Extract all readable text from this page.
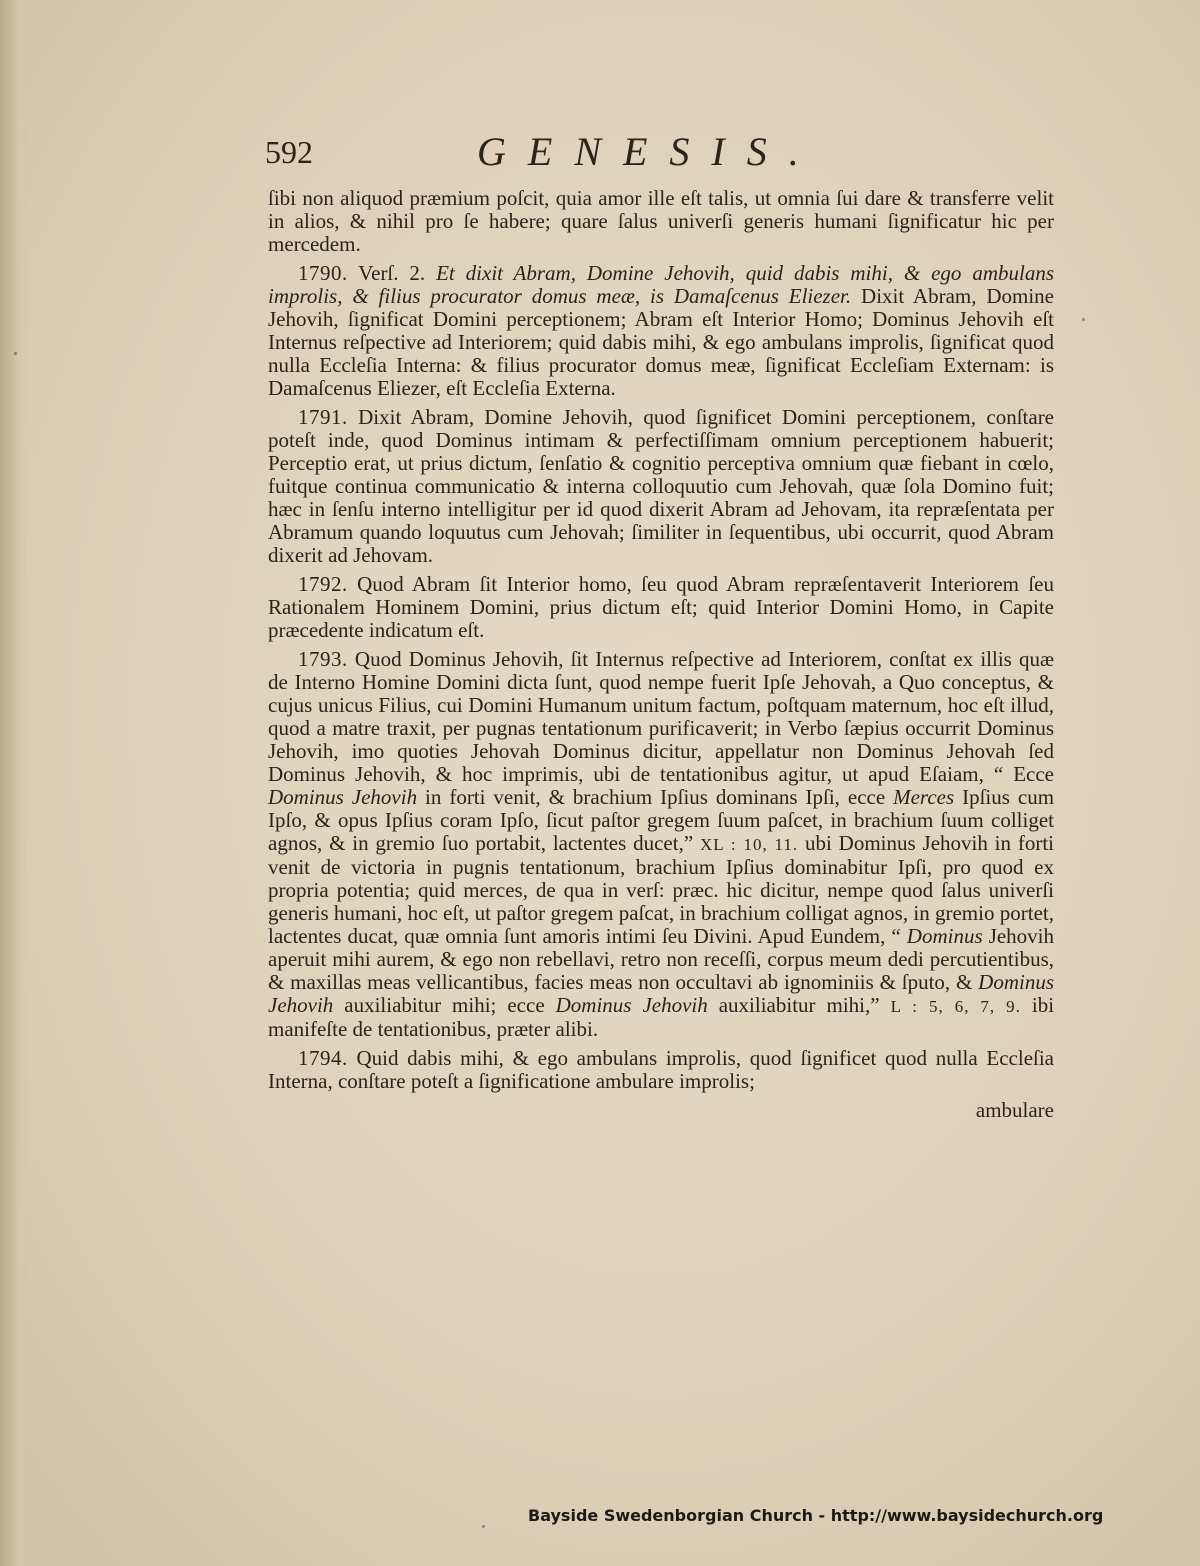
592	GENESIS.

ſibi non aliquod præmium poſcit, quia amor ille eſt talis, ut omnia ſui dare & transferre velit in alios, & nihil pro ſe habere; quare ſalus univerſi generis humani ſignificatur hic per mercedem.

1790. Verſ. 2. Et dixit Abram, Domine Jehovih, quid dabis mihi, & ego ambulans improlis, & filius procurator domus meæ, is Damaſcenus Eliezer. Dixit Abram, Domine Jehovih, ſignificat Domini perceptionem; Abram eſt Interior Homo; Dominus Jehovih eſt Internus reſpective ad Interiorem; quid dabis mihi, & ego ambulans improlis, ſignificat quod nulla Eccleſia Interna: & filius procurator domus meæ, ſignificat Eccleſiam Externam: is Damaſcenus Eliezer, eſt Eccleſia Externa.

1791. Dixit Abram, Domine Jehovih, quod ſignificet Domini perceptionem, conſtare poteſt inde, quod Dominus intimam & perfectiſſimam omnium perceptionem habuerit; Perceptio erat, ut prius dictum, ſenſatio & cognitio perceptiva omnium quæ fiebant in cœlo, fuitque continua communicatio & interna colloquutio cum Jehovah, quæ ſola Domino fuit; hæc in ſenſu interno intelligitur per id quod dixerit Abram ad Jehovam, ita repræſentata per Abramum quando loquutus cum Jehovah; ſimiliter in ſequentibus, ubi occurrit, quod Abram dixerit ad Jehovam.

1792. Quod Abram ſit Interior homo, ſeu quod Abram repræſentaverit Interiorem ſeu Rationalem Hominem Domini, prius dictum eſt; quid Interior Domini Homo, in Capite præcedente indicatum eſt.

1793. Quod Dominus Jehovih, ſit Internus reſpective ad Interiorem, conſtat ex illis quæ de Interno Homine Domini dicta ſunt, quod nempe fuerit Ipſe Jehovah, a Quo conceptus, & cujus unicus Filius, cui Domini Humanum unitum factum, poſtquam maternum, hoc eſt illud, quod a matre traxit, per pugnas tentationum purificaverit; in Verbo ſæpius occurrit Dominus Jehovih, imo quoties Jehovah Dominus dicitur, appellatur non Dominus Jehovah ſed Dominus Jehovih, & hoc imprimis, ubi de tentationibus agitur, ut apud Eſaiam, “ Ecce Dominus Jehovih in forti venit, & brachium Ipſius dominans Ipſi, ecce Merces Ipſius cum Ipſo, & opus Ipſius coram Ipſo, ſicut paſtor gregem ſuum paſcet, in brachium ſuum colliget agnos, & in gremio ſuo portabit, lactentes ducet,” XL : 10, 11. ubi Dominus Jehovih in forti venit de victoria in pugnis tentationum, brachium Ipſius dominabitur Ipſi, pro quod ex propria potentia; quid merces, de qua in verſ: præc. hic dicitur, nempe quod ſalus univerſi generis humani, hoc eſt, ut paſtor gregem paſcat, in brachium colligat agnos, in gremio portet, lactentes ducat, quæ omnia ſunt amoris intimi ſeu Divini. Apud Eundem, “ Dominus Jehovih aperuit mihi aurem, & ego non rebellavi, retro non receſſi, corpus meum dedi percutientibus, & maxillas meas vellicantibus, facies meas non occultavi ab ignominiis & ſputo, & Dominus Jehovih auxiliabitur mihi; ecce Dominus Jehovih auxiliabitur mihi,” L : 5, 6, 7, 9. ibi manifeſte de tentationibus, præter alibi.

1794. Quid dabis mihi, & ego ambulans improlis, quod ſignificet quod nulla Eccleſia Interna, conſtare poteſt a ſignificatione ambulare improlis;

ambulare

Bayside Swedenborgian Church - http://www.baysidechurch.org
